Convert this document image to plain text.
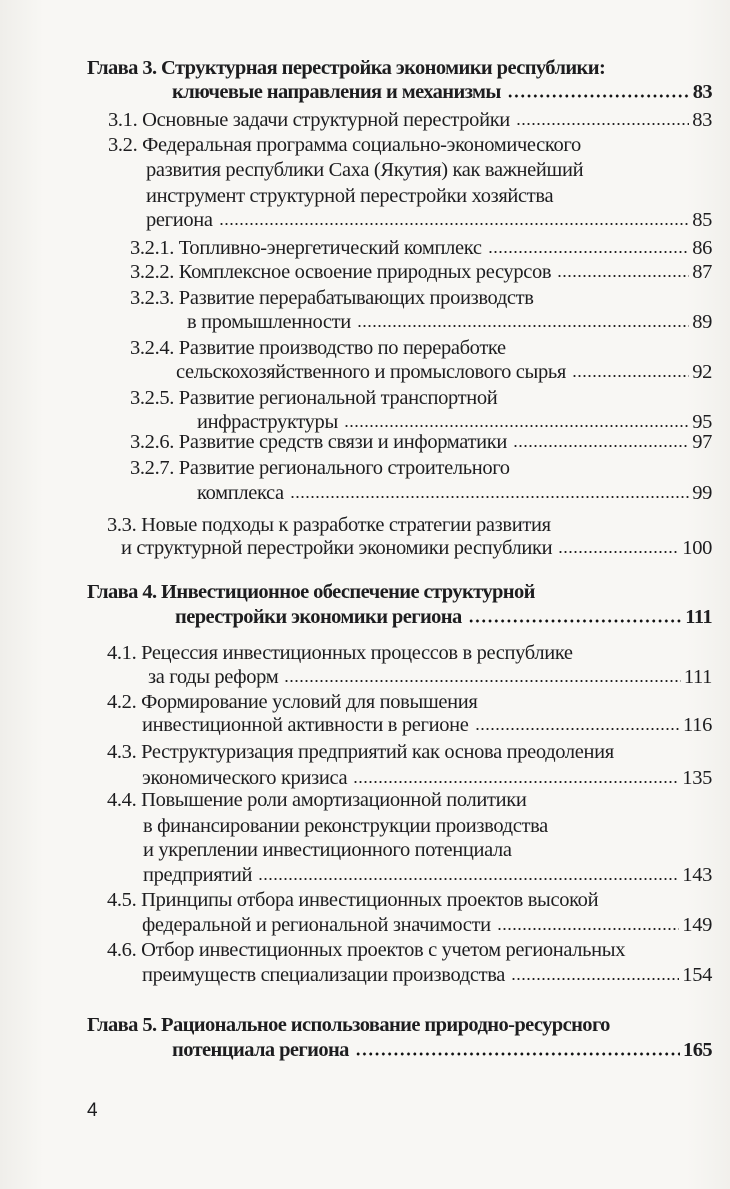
Глава 3. Структурная перестройка экономики республики:
ключевые направления и механизмы	83
3.1. Основные задачи структурной перестройки	83
3.2. Федеральная программа социально-экономического
развития республики Саха (Якутия) как важнейший
инструмент структурной перестройки хозяйства
региона	85
3.2.1. Топливно-энергетический комплекс	86
3.2.2. Комплексное освоение природных ресурсов	87
3.2.3. Развитие перерабатывающих производств
в промышленности	89
3.2.4. Развитие производство по переработке
сельскохозяйственного и промыслового сырья	92
3.2.5. Развитие региональной транспортной
инфраструктуры	95
3.2.6. Развитие средств связи и информатики	97
3.2.7. Развитие регионального строительного
комплекса	99
3.3. Новые подходы к разработке стратегии развития
и структурной перестройки экономики республики	100
Глава 4. Инвестиционное обеспечение структурной
перестройки экономики региона	111
4.1. Рецессия инвестиционных процессов в республике
за годы реформ	111
4.2. Формирование условий для повышения
инвестиционной активности в регионе	116
4.3. Реструктуризация предприятий как основа преодоления
экономического кризиса	135
4.4. Повышение роли амортизационной политики
в финансировании реконструкции производства
и укреплении инвестиционного потенциала
предприятий	143
4.5. Принципы отбора инвестиционных проектов высокой
федеральной и региональной значимости	149
4.6. Отбор инвестиционных проектов с учетом региональных
преимуществ специализации производства	154
Глава 5. Рациональное использование природно-ресурсного
потенциала региона	165
4
